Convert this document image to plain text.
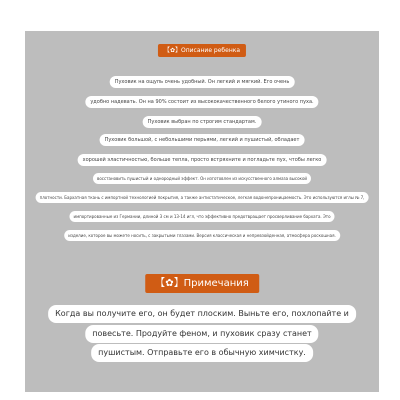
【✿】Описание ребенка
Пуховик на ощупь очень удобный. Он легкий и мягкий. Его очень
удобно надевать. Он на 90% состоит из высококачественного белого утиного пуха.
Пуховик выбран по строгим стандартам.
Пуховик большой, с небольшими перьями, легкий и пушистый, обладает
хорошей эластичностью, больше тепла, просто встряхните и погладьте пух, чтобы легко
восстановить пушистый и однородный эффект. Он изготовлен из искусственного алмаза высокой
плотности. Бархатная ткань с импортной технологией покрытия, а также антистатическое, легкая водонепроницаемость. Это используются иглы № 7,
импортированные из Германии, длиной 3 см и 13-14 игл, что эффективно предотвращает просверливание бархата. Это
изделие, которое вы можете носить, с закрытыми глазами. Версия классическая и непревзойденная, атмосфера роскошная.
【✿】Примечания
Когда вы получите его, он будет плоским. Выньте его, похлопайте и
повесьте. Продуйте феном, и пуховик сразу станет
пушистым. Отправьте его в обычную химчистку.
